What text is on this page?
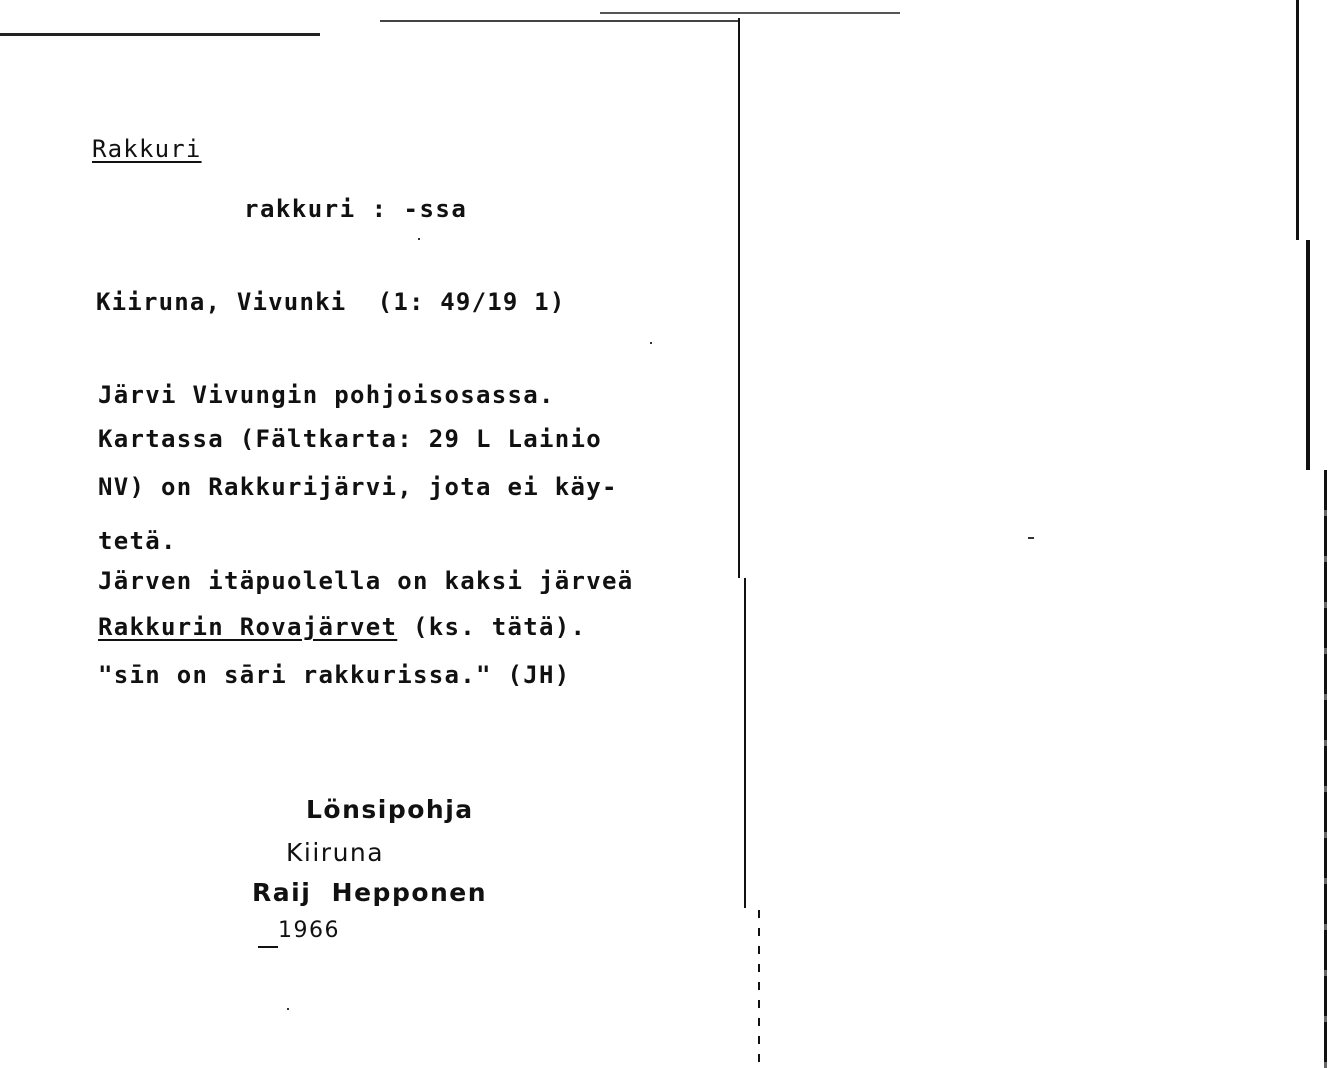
Rakkuri
rakkuri : -ssa
Kiiruna, Vivunki  (1: 49/19 1)
Järvi Vivungin pohjoisosassa.
Kartassa (Fältkarta: 29 L Lainio
NV) on Rakkurijärvi, jota ei käy-
tetä.
Järven itäpuolella on kaksi järveä
Rakkurin Rovajärvet (ks. tätä).
"sīn on sāri rakkurissa." (JH)
Lönsipohja
Kiiruna
Raij  Hepponen
1966
